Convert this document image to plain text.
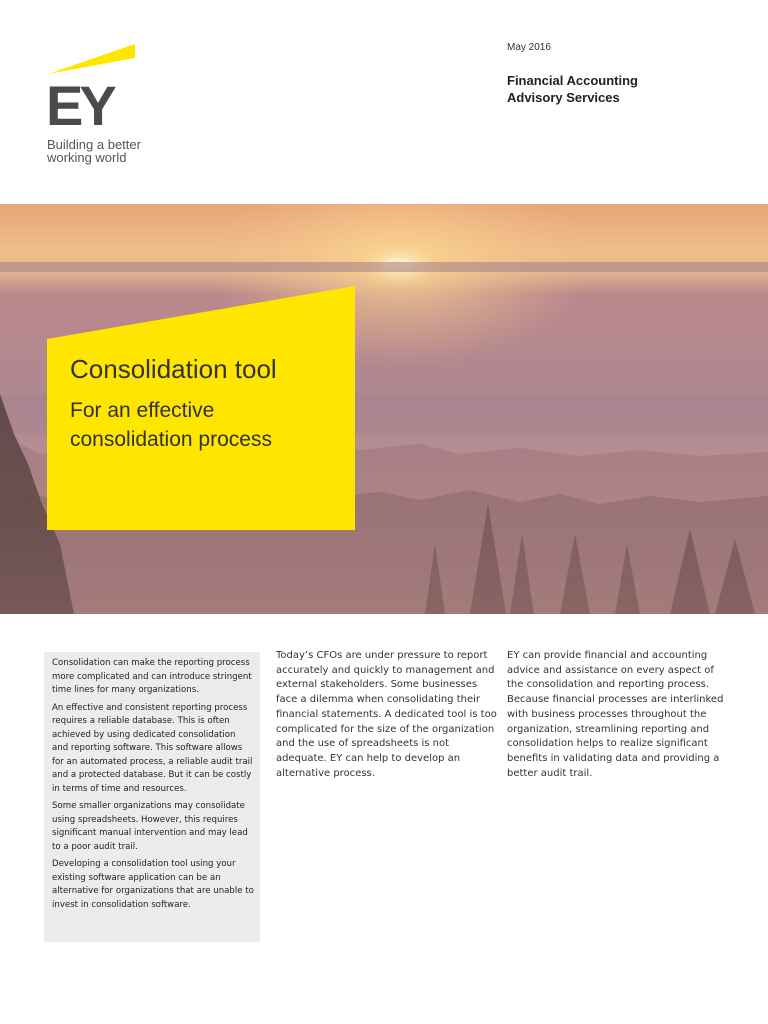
EY
Building a better working world
May 2016
Financial Accounting
Advisory Services
Consolidation tool
For an effective consolidation process

Consolidation can make the reporting process more complicated and can introduce stringent time lines for many organizations.

An effective and consistent reporting process requires a reliable database. This is often achieved by using dedicated consolidation and reporting software. This software allows for an automated process, a reliable audit trail and a protected database. But it can be costly in terms of time and resources.

Some smaller organizations may consolidate using spreadsheets. However, this requires significant manual intervention and may lead to a poor audit trail.

Developing a consolidation tool using your existing software application can be an alternative for organizations that are unable to invest in consolidation software.

Today’s CFOs are under pressure to report accurately and quickly to management and external stakeholders. Some businesses face a dilemma when consolidating their financial statements. A dedicated tool is too complicated for the size of the organization and the use of spreadsheets is not adequate. EY can help to develop an alternative process.

EY can provide financial and accounting advice and assistance on every aspect of the consolidation and reporting process. Because financial processes are interlinked with business processes throughout the organization, streamlining reporting and consolidation helps to realize significant benefits in validating data and providing a better audit trail.
